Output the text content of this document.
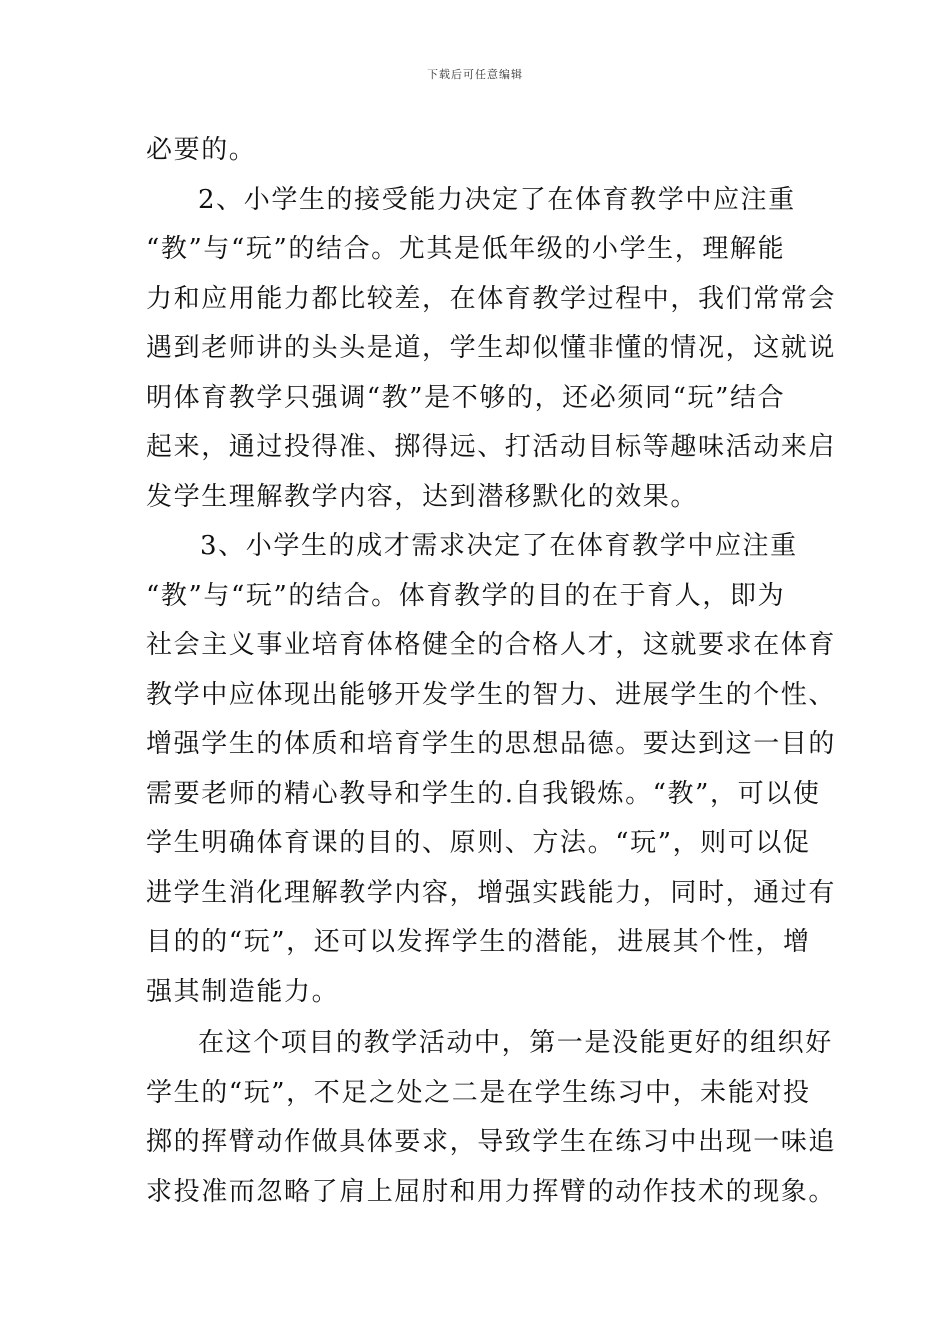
下载后可任意编辑
必要的。
2、小学生的接受能力决定了在体育教学中应注重
“教”与“玩”的结合。尤其是低年级的小学生，理解能
力和应用能力都比较差，在体育教学过程中，我们常常会
遇到老师讲的头头是道，学生却似懂非懂的情况，这就说
明体育教学只强调“教”是不够的，还必须同“玩”结合
起来，通过投得准、掷得远、打活动目标等趣味活动来启
发学生理解教学内容，达到潜移默化的效果。
3、小学生的成才需求决定了在体育教学中应注重
“教”与“玩”的结合。体育教学的目的在于育人，即为
社会主义事业培育体格健全的合格人才，这就要求在体育
教学中应体现出能够开发学生的智力、进展学生的个性、
增强学生的体质和培育学生的思想品德。要达到这一目的
需要老师的精心教导和学生的.自我锻炼。“教”，可以使
学生明确体育课的目的、原则、方法。“玩”，则可以促
进学生消化理解教学内容，增强实践能力，同时，通过有
目的的“玩”，还可以发挥学生的潜能，进展其个性，增
强其制造能力。
在这个项目的教学活动中，第一是没能更好的组织好
学生的“玩”，不足之处之二是在学生练习中，未能对投
掷的挥臂动作做具体要求，导致学生在练习中出现一味追
求投准而忽略了肩上屈肘和用力挥臂的动作技术的现象。
